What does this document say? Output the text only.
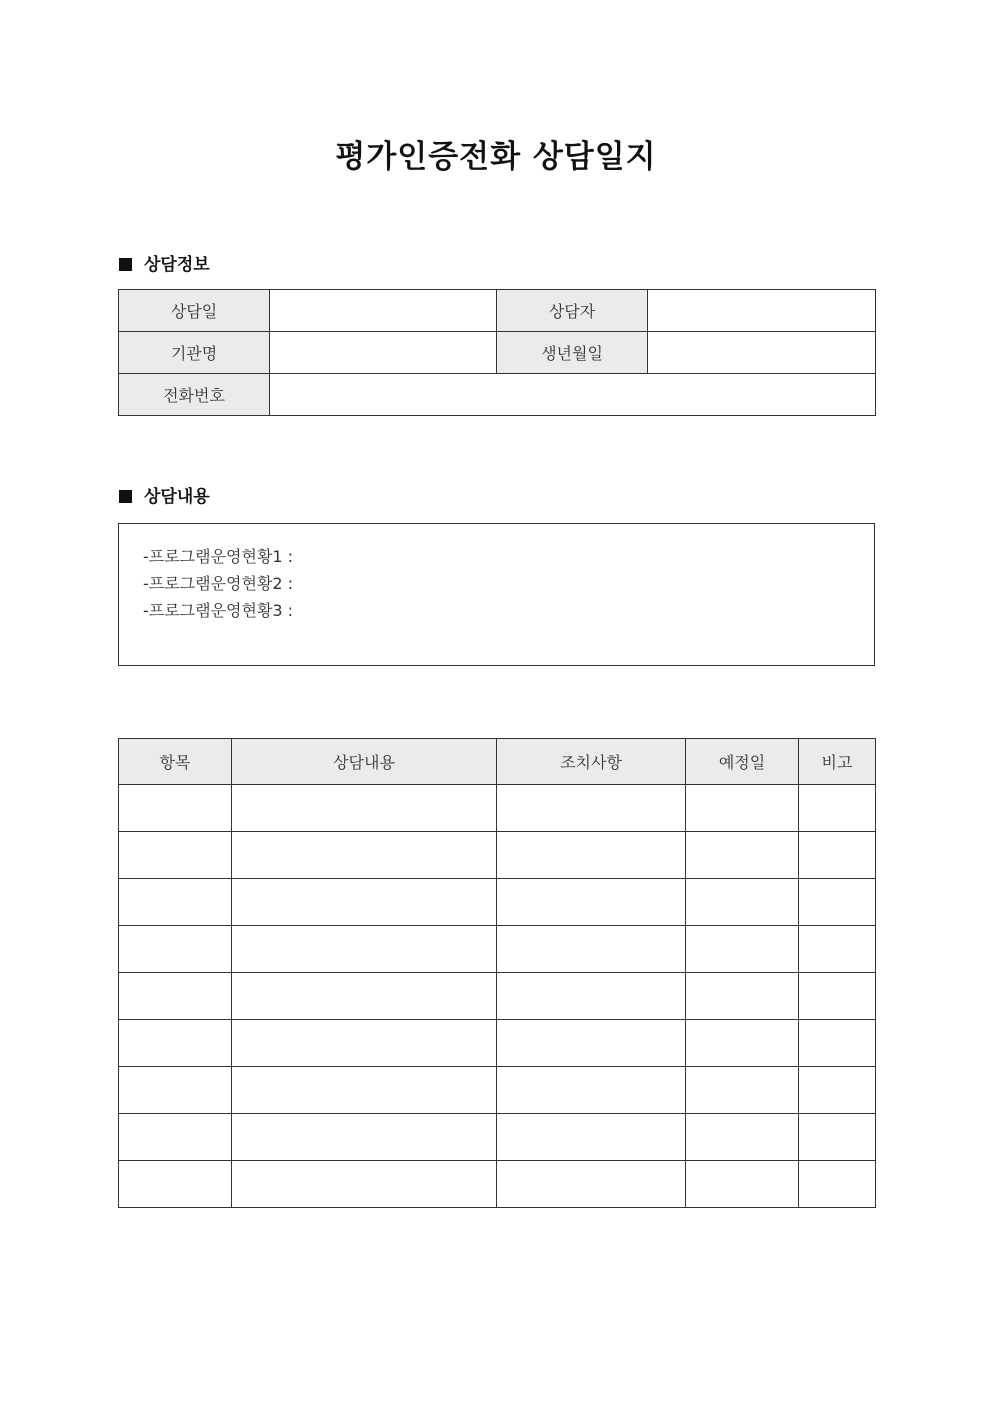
평가인증전화 상담일지
상담정보
상담일		상담자	
기관명		생년월일	
전화번호			
상담내용
-프로그램운영현황1 :
-프로그램운영현황2 :
-프로그램운영현황3 :
항목	상담내용	조치사항	예정일	비고
